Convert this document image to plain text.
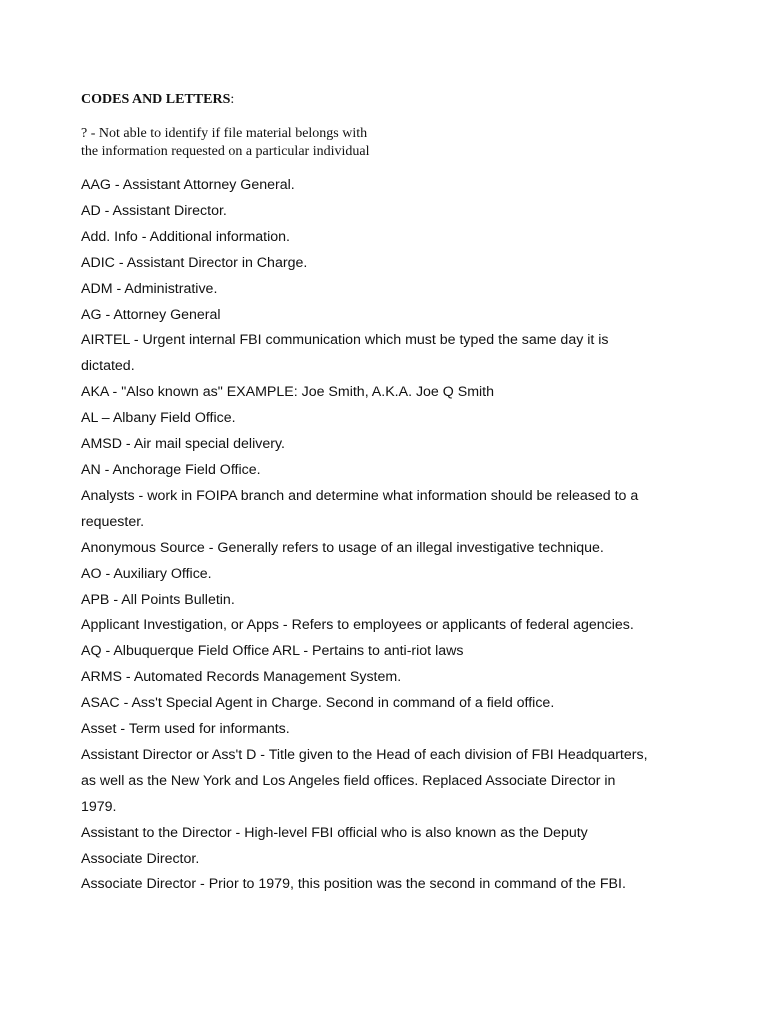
CODES AND LETTERS:
? - Not able to identify if file material belongs with
the information requested on a particular individual
AAG - Assistant Attorney General.
AD - Assistant Director.
Add. Info - Additional information.
ADIC - Assistant Director in Charge.
ADM - Administrative.
AG - Attorney General
AIRTEL - Urgent internal FBI communication which must be typed the same day it is
dictated.
AKA - "Also known as" EXAMPLE: Joe Smith, A.K.A. Joe Q Smith
AL – Albany Field Office.
AMSD - Air mail special delivery.
AN - Anchorage Field Office.
Analysts - work in FOIPA branch and determine what information should be released to a
requester.
Anonymous Source - Generally refers to usage of an illegal investigative technique.
AO - Auxiliary Office.
APB - All Points Bulletin.
Applicant Investigation, or Apps - Refers to employees or applicants of federal agencies.
AQ - Albuquerque Field Office ARL - Pertains to anti-riot laws
ARMS - Automated Records Management System.
ASAC - Ass't Special Agent in Charge. Second in command of a field office.
Asset - Term used for informants.
Assistant Director or Ass't D - Title given to the Head of each division of FBI Headquarters,
as well as the New York and Los Angeles field offices. Replaced Associate Director in
1979.
Assistant to the Director - High-level FBI official who is also known as the Deputy
Associate Director.
Associate Director - Prior to 1979, this position was the second in command of the FBI.
